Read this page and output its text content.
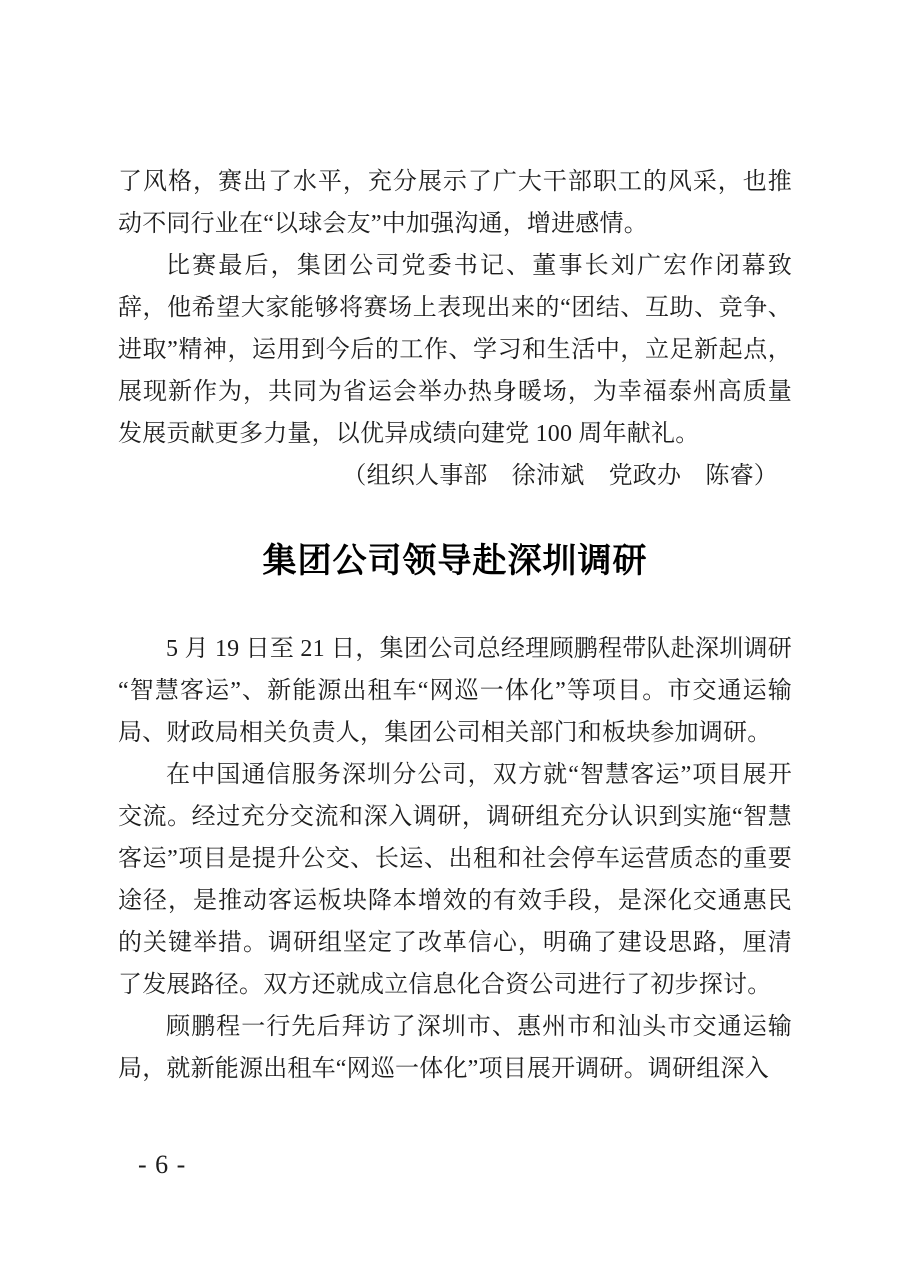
了风格，赛出了水平，充分展示了广大干部职工的风采，也推动不同行业在“以球会友”中加强沟通，增进感情。

比赛最后，集团公司党委书记、董事长刘广宏作闭幕致辞，他希望大家能够将赛场上表现出来的“团结、互助、竞争、进取”精神，运用到今后的工作、学习和生活中，立足新起点，展现新作为，共同为省运会举办热身暖场，为幸福泰州高质量发展贡献更多力量，以优异成绩向建党 100 周年献礼。

（组织人事部　徐沛斌　党政办　陈睿）

集团公司领导赴深圳调研

5 月 19 日至 21 日，集团公司总经理顾鹏程带队赴深圳调研“智慧客运”、新能源出租车“网巡一体化”等项目。市交通运输局、财政局相关负责人，集团公司相关部门和板块参加调研。

在中国通信服务深圳分公司，双方就“智慧客运”项目展开交流。经过充分交流和深入调研，调研组充分认识到实施“智慧客运”项目是提升公交、长运、出租和社会停车运营质态的重要途径，是推动客运板块降本增效的有效手段，是深化交通惠民的关键举措。调研组坚定了改革信心，明确了建设思路，厘清了发展路径。双方还就成立信息化合资公司进行了初步探讨。

顾鹏程一行先后拜访了深圳市、惠州市和汕头市交通运输局，就新能源出租车“网巡一体化”项目展开调研。调研组深入

- 6 -
